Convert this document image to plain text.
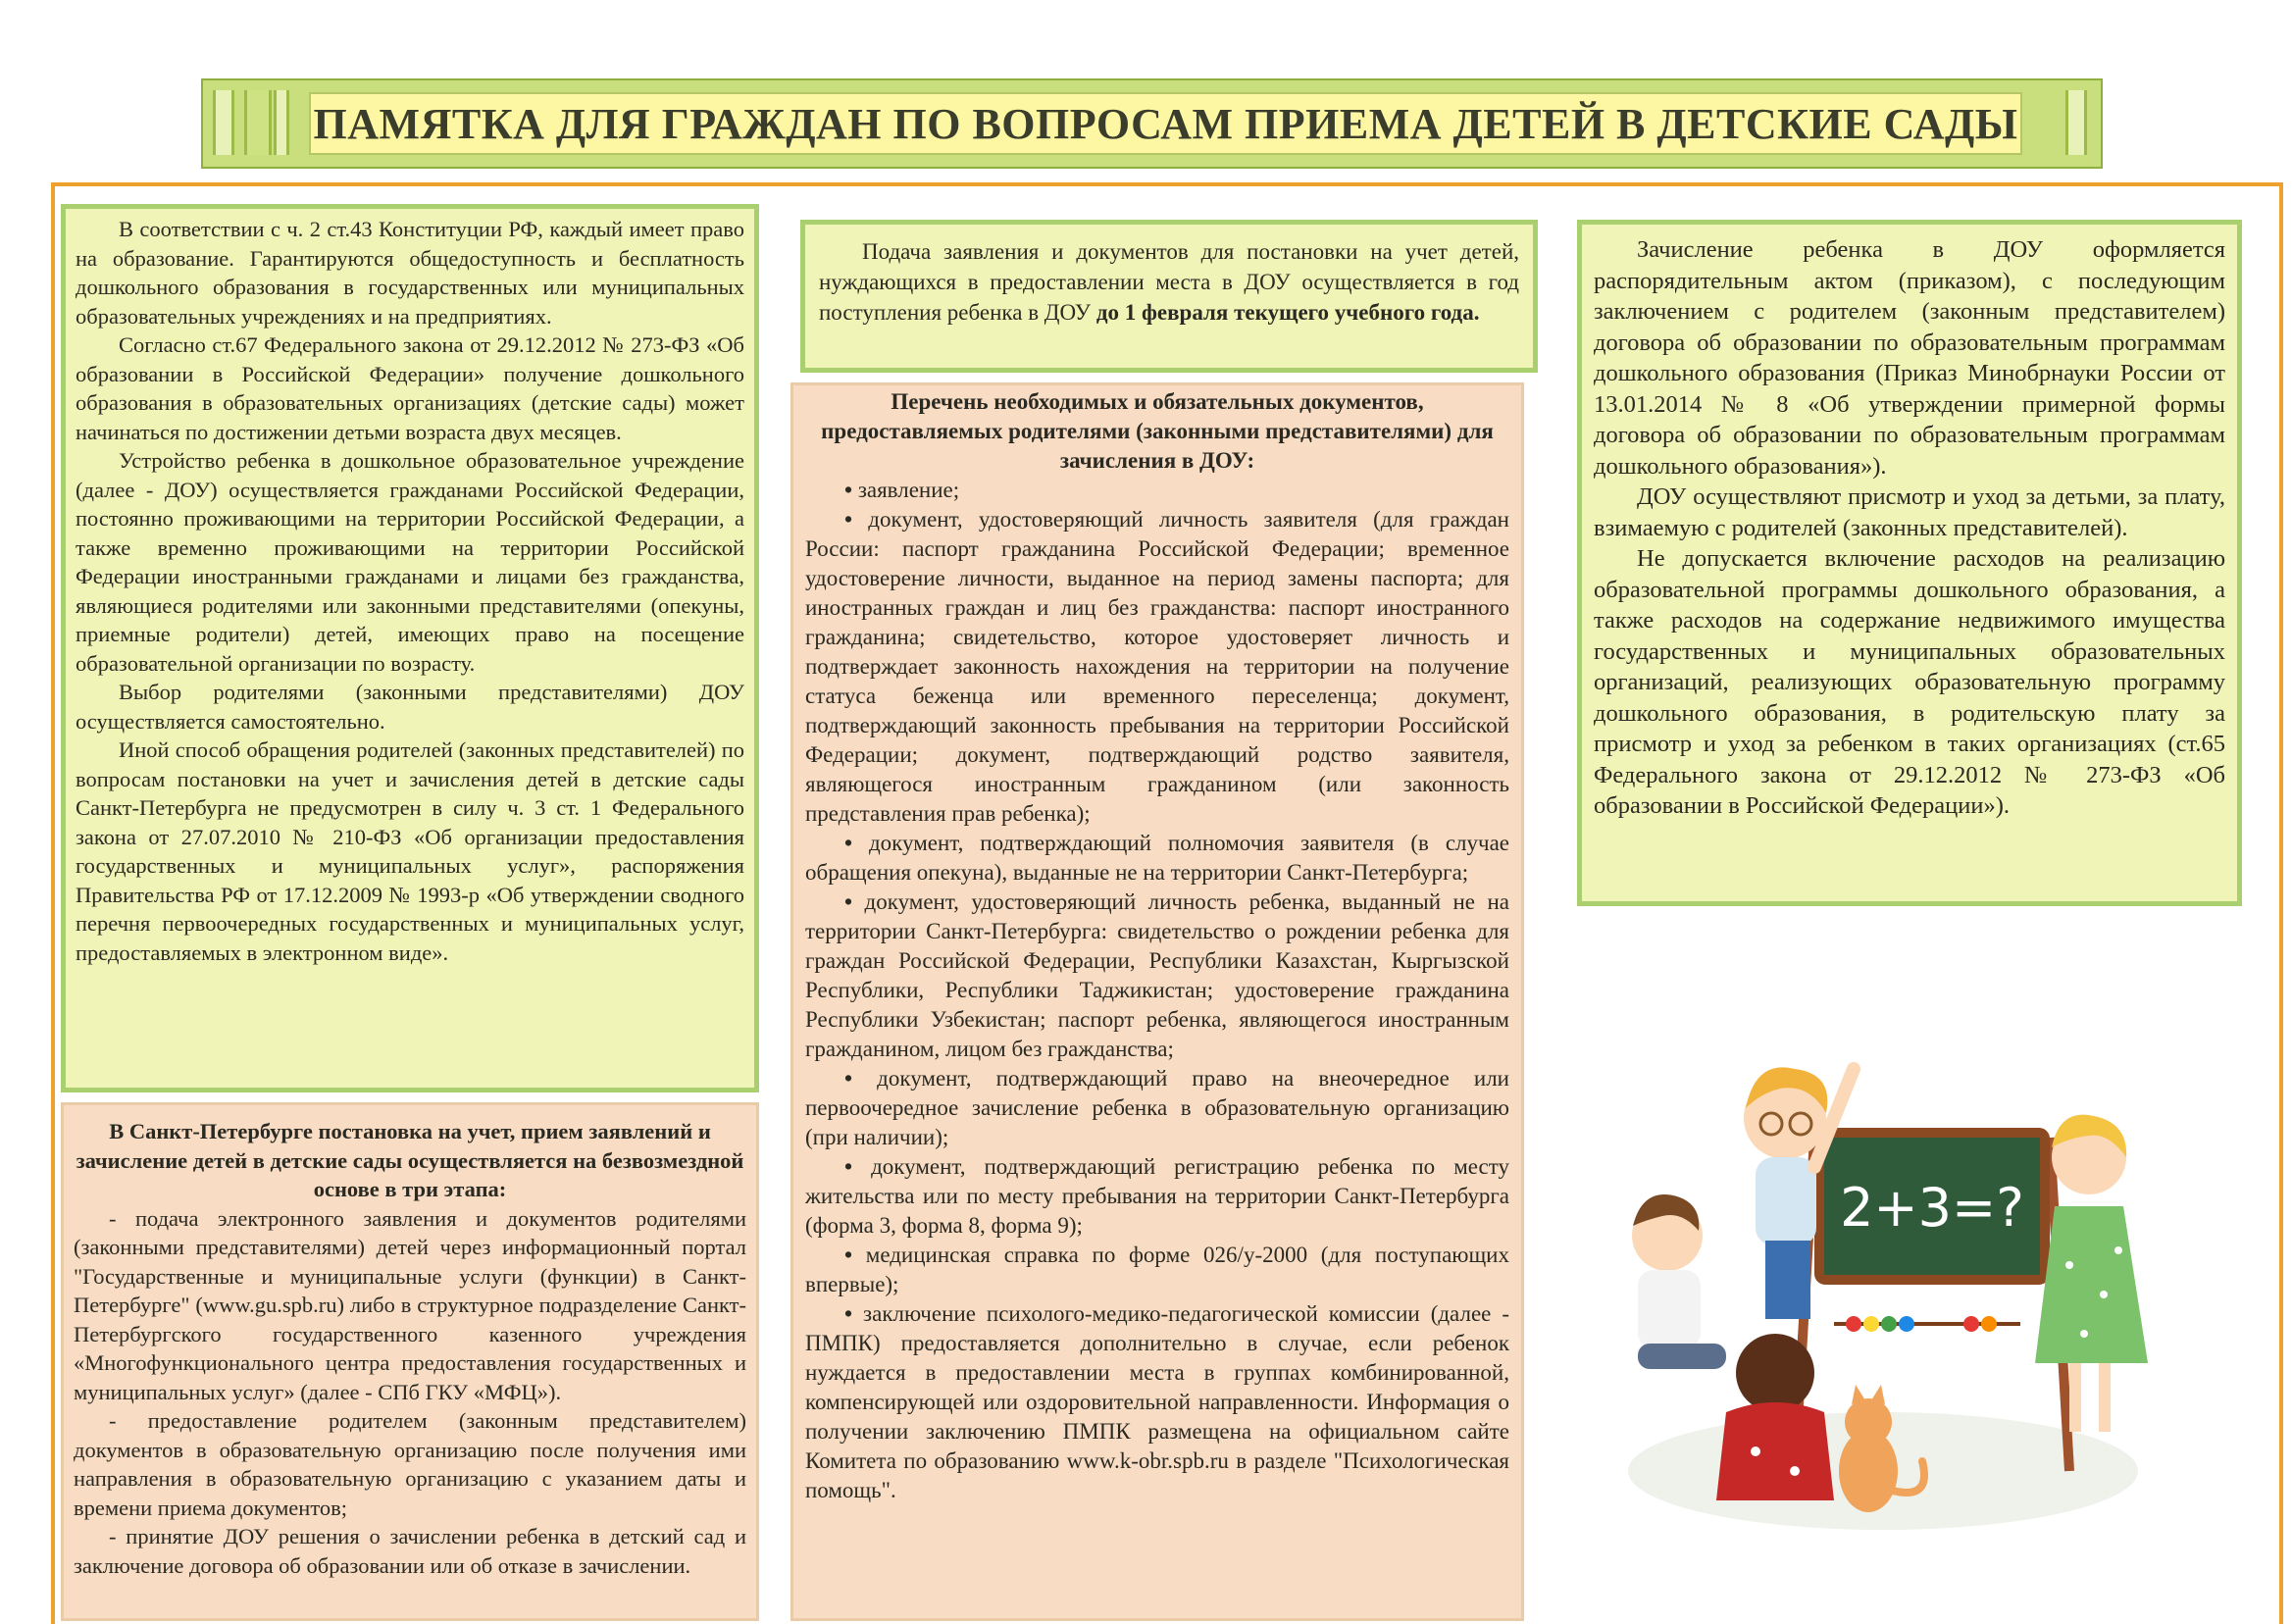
ПАМЯТКА ДЛЯ ГРАЖДАН ПО ВОПРОСАМ ПРИЕМА ДЕТЕЙ В ДЕТСКИЕ САДЫ

В соответствии с ч. 2 ст.43 Конституции РФ, каждый имеет право на образование. Гарантируются общедоступность и бесплатность дошкольного образования в государственных или муниципальных образовательных учреждениях и на предприятиях.

Согласно ст.67 Федерального закона от 29.12.2012 № 273-ФЗ «Об образовании в Российской Федерации» получение дошкольного образования в образовательных организациях (детские сады) может начинаться по достижении детьми возраста двух месяцев.

Устройство ребенка в дошкольное образовательное учреждение (далее - ДОУ) осуществляется гражданами Российской Федерации, постоянно проживающими на территории Российской Федерации, а также временно проживающими на территории Российской Федерации иностранными гражданами и лицами без гражданства, являющиеся родителями или законными представителями (опекуны, приемные родители) детей, имеющих право на посещение образовательной организации по возрасту.

Выбор родителями (законными представителями) ДОУ осуществляется самостоятельно.

Иной способ обращения родителей (законных представителей) по вопросам постановки на учет и зачисления детей в детские сады Санкт-Петербурга не предусмотрен в силу ч. 3 ст. 1 Федерального закона от 27.07.2010 № 210-ФЗ «Об организации предоставления государственных и муниципальных услуг», распоряжения Правительства РФ от 17.12.2009 № 1993-р «Об утверждении сводного перечня первоочередных государственных и муниципальных услуг, предоставляемых в электронном виде».

В Санкт-Петербурге постановка на учет, прием заявлений и зачисление детей в детские сады осуществляется на безвозмездной основе в три этапа:

- подача электронного заявления и документов родителями (законными представителями) детей через информационный портал "Государственные и муниципальные услуги (функции) в Санкт-Петербурге" (www.gu.spb.ru) либо в структурное подразделение Санкт-Петербургского государственного казенного учреждения «Многофункционального центра предоставления государственных и муниципальных услуг» (далее - СПб ГКУ «МФЦ»).

- предоставление родителем (законным представителем) документов в образовательную организацию после получения ими направления в образовательную организацию с указанием даты и времени приема документов;

- принятие ДОУ решения о зачислении ребенка в детский сад и заключение договора об образовании или об отказе в зачислении.

Подача заявления и документов для постановки на учет детей, нуждающихся в предоставлении места в ДОУ осуществляется в год поступления ребенка в ДОУ до 1 февраля текущего учебного года.

Перечень необходимых и обязательных документов, предоставляемых родителями (законными представителями) для зачисления в ДОУ:

• заявление;
• документ, удостоверяющий личность заявителя (для граждан России: паспорт гражданина Российской Федерации; временное удостоверение личности, выданное на период замены паспорта; для иностранных граждан и лиц без гражданства: паспорт иностранного гражданина; свидетельство, которое удостоверяет личность и подтверждает законность нахождения на территории на получение статуса беженца или временного переселенца; документ, подтверждающий законность пребывания на территории Российской Федерации; документ, подтверждающий родство заявителя, являющегося иностранным гражданином (или законность представления прав ребенка);
• документ, подтверждающий полномочия заявителя (в случае обращения опекуна), выданные не на территории Санкт-Петербурга;
• документ, удостоверяющий личность ребенка, выданный не на территории Санкт-Петербурга: свидетельство о рождении ребенка для граждан Российской Федерации, Республики Казахстан, Кыргызской Республики, Республики Таджикистан; удостоверение гражданина Республики Узбекистан; паспорт ребенка, являющегося иностранным гражданином, лицом без гражданства;
• документ, подтверждающий право на внеочередное или первоочередное зачисление ребенка в образовательную организацию (при наличии);
• документ, подтверждающий регистрацию ребенка по месту жительства или по месту пребывания на территории Санкт-Петербурга (форма 3, форма 8, форма 9);
• медицинская справка по форме 026/у-2000 (для поступающих впервые);
• заключение психолого-медико-педагогической комиссии (далее - ПМПК) предоставляется дополнительно в случае, если ребенок нуждается в предоставлении места в группах комбинированной, компенсирующей или оздоровительной направленности. Информация о получении заключению ПМПК размещена на официальном сайте Комитета по образованию www.k-obr.spb.ru в разделе "Психологическая помощь".

Зачисление ребенка в ДОУ оформляется распорядительным актом (приказом), с последующим заключением с родителем (законным представителем) договора об образовании по образовательным программам дошкольного образования (Приказ Минобрнауки России от 13.01.2014 № 8 «Об утверждении примерной формы договора об образовании по образовательным программам дошкольного образования»).

ДОУ осуществляют присмотр и уход за детьми, за плату, взимаемую с родителей (законных представителей).

Не допускается включение расходов на реализацию образовательной программы дошкольного образования, а также расходов на содержание недвижимого имущества государственных и муниципальных образовательных организаций, реализующих образовательную программу дошкольного образования, в родительскую плату за присмотр и уход за ребенком в таких организациях (ст.65 Федерального закона от 29.12.2012 № 273-ФЗ «Об образовании в Российской Федерации»).

2+3=?
